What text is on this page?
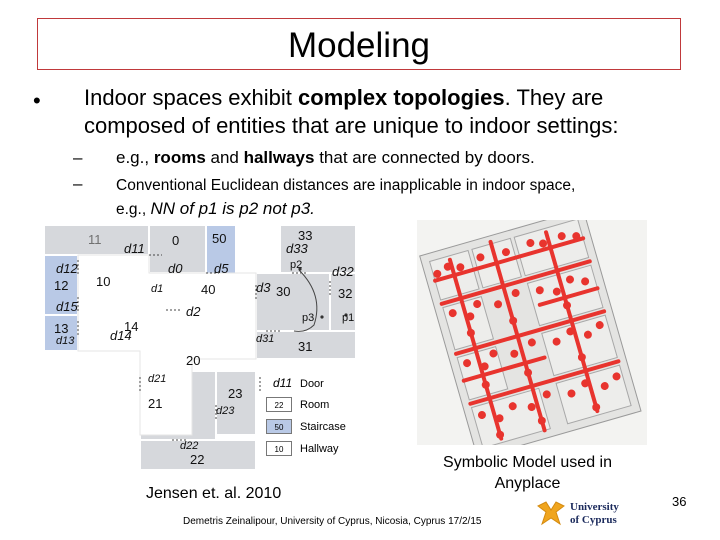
Modeling
• Indoor spaces exhibit complex topologies. They are composed of entities that are unique to indoor settings:
– e.g., rooms and hallways that are connected by doors.
– Conventional Euclidean distances are inapplicable in indoor space,
e.g., NN of p1 is p2 not p3.
11	0	50	33
12 10
40	30	32
13	14
31
20
21
23
22
d11
d12
d15
d13	d14
d0 d5
d1	d3
d2
d33
d32
d31
d21
d23
d22
p2
p3	p1
d11 Door
22	Room
50	Staircase
10	Hallway
Jensen et. al. 2010
Symbolic Model used in Anyplace
Demetris Zeinalipour, University of Cyprus, Nicosia, Cyprus 17/2/15
University
of Cyprus
36
